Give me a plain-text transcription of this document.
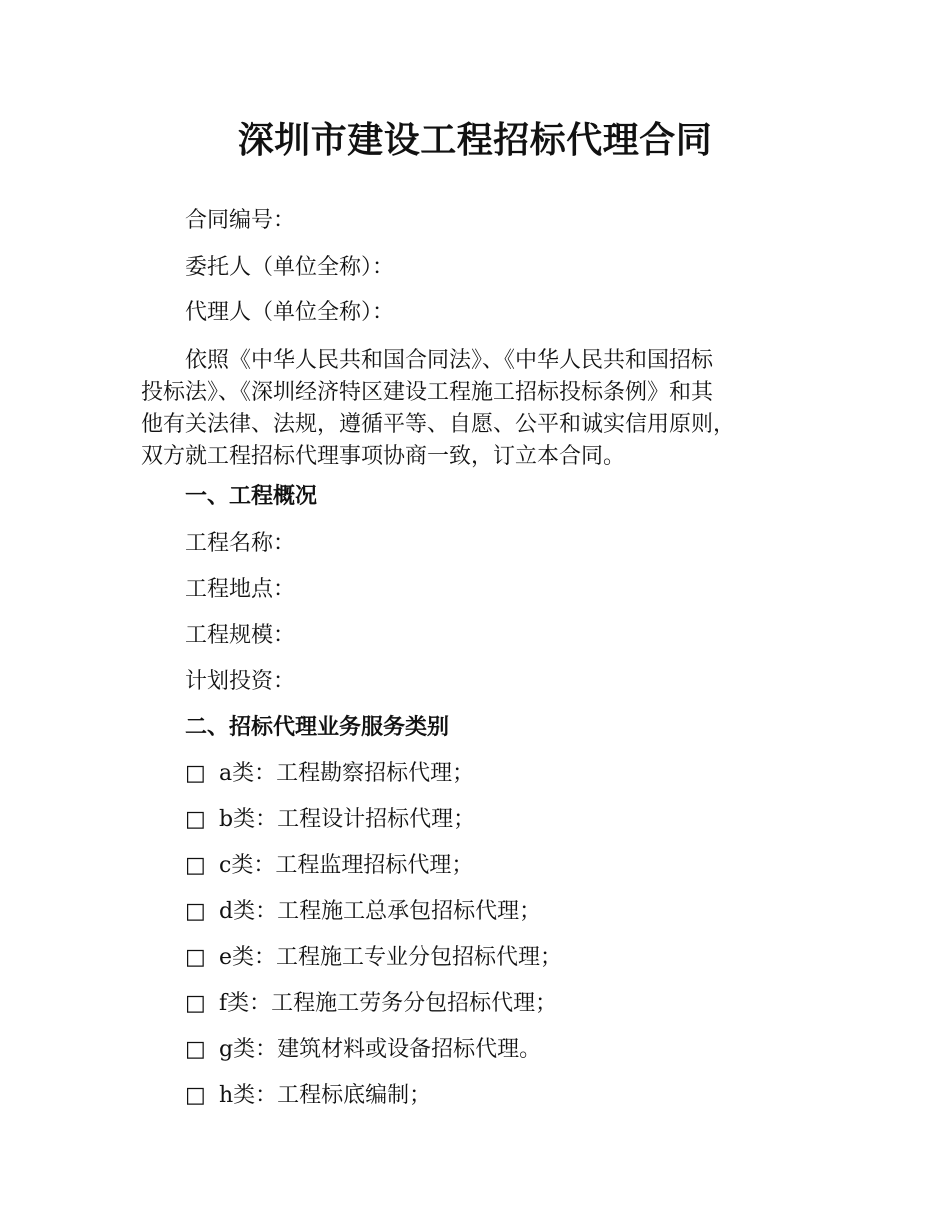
深圳市建设工程招标代理合同
合同编号：
委托人（单位全称）：
代理人（单位全称）：
依照《中华人民共和国合同法》、《中华人民共和国招标
投标法》、《深圳经济特区建设工程施工招标投标条例》和其
他有关法律、法规，遵循平等、自愿、公平和诚实信用原则，
双方就工程招标代理事项协商一致，订立本合同。
一、工程概况
工程名称：
工程地点：
工程规模：
计划投资：
二、招标代理业务服务类别
□ a类：工程勘察招标代理；
□ b类：工程设计招标代理；
□ c类：工程监理招标代理；
□ d类：工程施工总承包招标代理；
□ e类：工程施工专业分包招标代理；
□ f类：工程施工劳务分包招标代理；
□ g类：建筑材料或设备招标代理。
□ h类：工程标底编制；
